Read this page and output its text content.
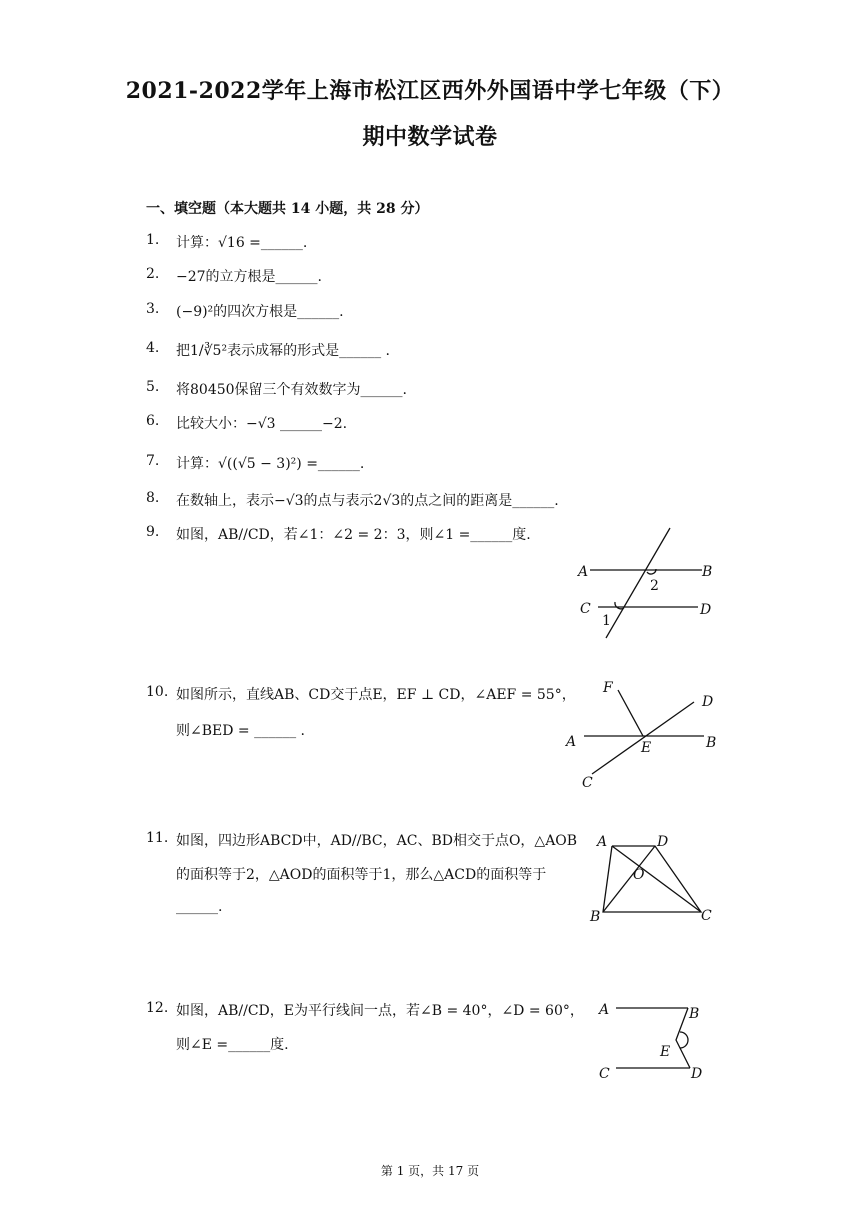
2021-2022学年上海市松江区西外外国语中学七年级（下）
期中数学试卷
一、填空题（本大题共 14 小题，共 28 分）
1. 计算：√16 =______.
2. −27的立方根是______.
3. (−9)²的四次方根是______.
4. 把1/∛5²表示成幂的形式是______ .
5. 将80450保留三个有效数字为______.
6. 比较大小：−√3 ______−2.
7. 计算：√((√5 − 3)²) =______.
8. 在数轴上，表示−√3的点与表示2√3的点之间的距离是______.
9. 如图，AB//CD，若∠1：∠2 = 2：3，则∠1 =______度.
A	B
C	D
2
1
10. 如图所示，直线AB、CD交于点E，EF ⊥ CD，∠AEF = 55°，
则∠BED = ______ .
A	B
C
D
E
F
11. 如图，四边形ABCD中，AD//BC，AC、BD相交于点O，△AOB
的面积等于2，△AOD的面积等于1，那么△ACD的面积等于
______.
A	D
B	C
O
12. 如图，AB//CD，E为平行线间一点，若∠B = 40°，∠D = 60°，
则∠E =______度.
A	B
C	D
E
第 1 页，共 17 页
